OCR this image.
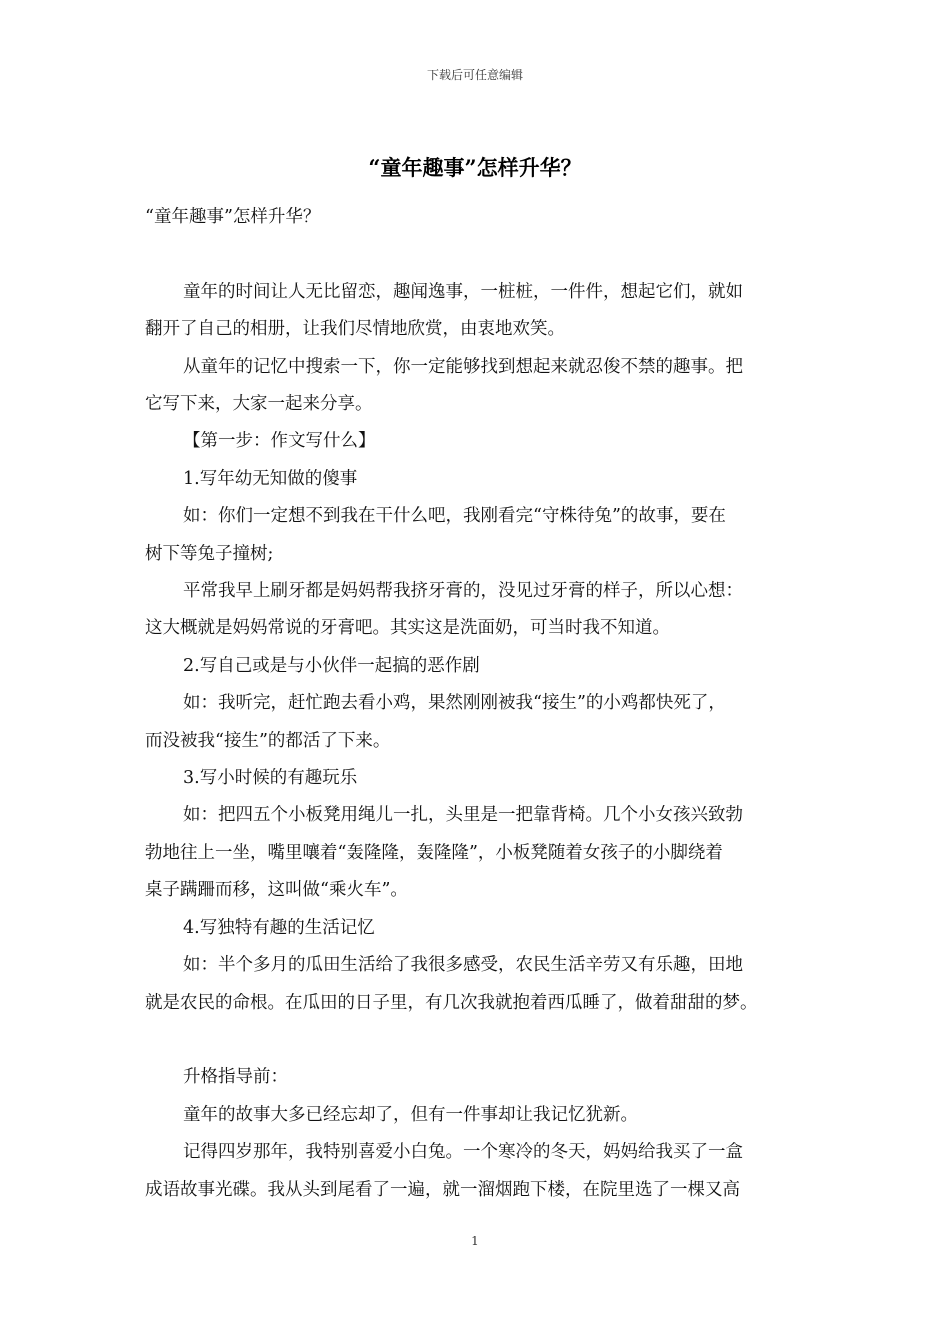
下载后可任意编辑
“童年趣事”怎样升华？
“童年趣事”怎样升华？
童年的时间让人无比留恋，趣闻逸事，一桩桩，一件件，想起它们，就如
翻开了自己的相册，让我们尽情地欣赏，由衷地欢笑。
从童年的记忆中搜索一下，你一定能够找到想起来就忍俊不禁的趣事。把
它写下来，大家一起来分享。
【第一步：作文写什么】
1.写年幼无知做的傻事
如：你们一定想不到我在干什么吧，我刚看完“守株待兔”的故事，要在
树下等兔子撞树;
平常我早上刷牙都是妈妈帮我挤牙膏的，没见过牙膏的样子，所以心想：
这大概就是妈妈常说的牙膏吧。其实这是洗面奶，可当时我不知道。
2.写自己或是与小伙伴一起搞的恶作剧
如：我听完，赶忙跑去看小鸡，果然刚刚被我“接生”的小鸡都快死了，
而没被我“接生”的都活了下来。
3.写小时候的有趣玩乐
如：把四五个小板凳用绳儿一扎，头里是一把靠背椅。几个小女孩兴致勃
勃地往上一坐，嘴里嚷着“轰隆隆，轰隆隆”，小板凳随着女孩子的小脚绕着
桌子蹒跚而移，这叫做“乘火车”。
4.写独特有趣的生活记忆
如：半个多月的瓜田生活给了我很多感受，农民生活辛劳又有乐趣，田地
就是农民的命根。在瓜田的日子里，有几次我就抱着西瓜睡了，做着甜甜的梦。
升格指导前：
童年的故事大多已经忘却了，但有一件事却让我记忆犹新。
记得四岁那年，我特别喜爱小白兔。一个寒冷的冬天，妈妈给我买了一盒
成语故事光碟。我从头到尾看了一遍，就一溜烟跑下楼，在院里选了一棵又高
1
